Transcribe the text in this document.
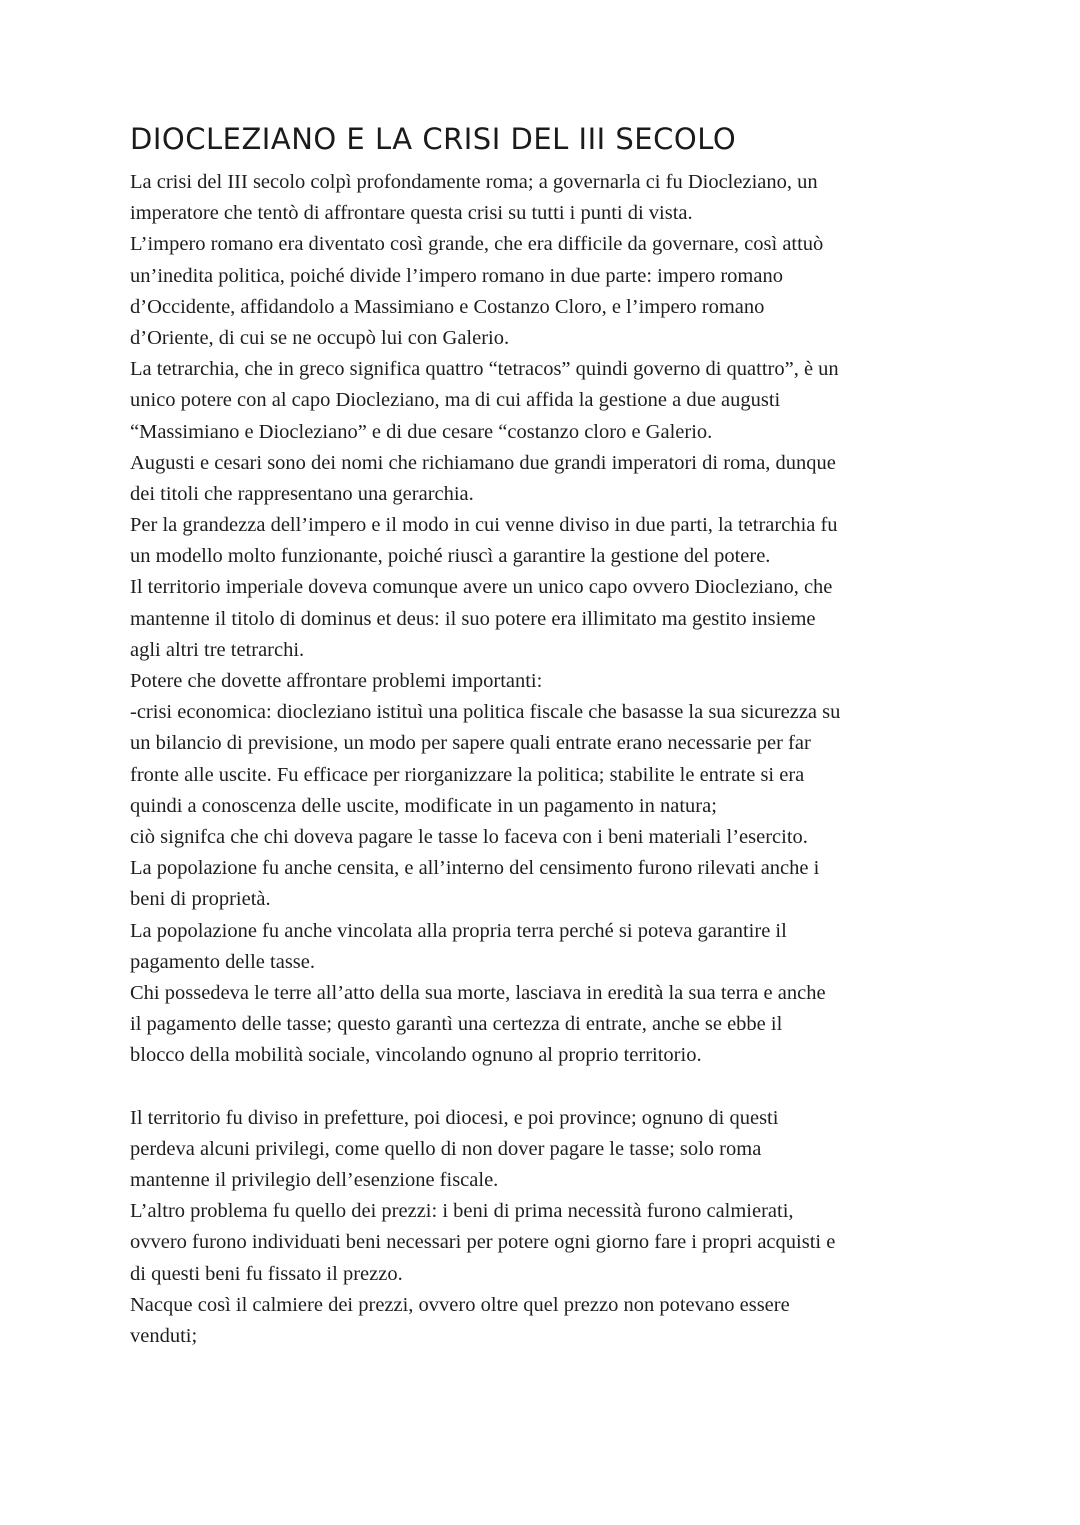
DIOCLEZIANO E LA CRISI DEL III SECOLO
La crisi del III secolo colpì profondamente roma; a governarla ci fu Diocleziano, un
imperatore che tentò di affrontare questa crisi su tutti i punti di vista.
L’impero romano era diventato così grande, che era difficile da governare, così attuò
un’inedita politica, poiché divide l’impero romano in due parte: impero romano
d’Occidente, affidandolo a Massimiano e Costanzo Cloro, e l’impero romano
d’Oriente, di cui se ne occupò lui con Galerio.
La tetrarchia, che in greco significa quattro “tetracos” quindi governo di quattro”, è un
unico potere con al capo Diocleziano, ma di cui affida la gestione a due augusti
“Massimiano e Diocleziano” e di due cesare “costanzo cloro e Galerio.
Augusti e cesari sono dei nomi che richiamano due grandi imperatori di roma, dunque
dei titoli che rappresentano una gerarchia.
Per la grandezza dell’impero e il modo in cui venne diviso in due parti, la tetrarchia fu
un modello molto funzionante, poiché riuscì a garantire la gestione del potere.
Il territorio imperiale doveva comunque avere un unico capo ovvero Diocleziano, che
mantenne il titolo di dominus et deus: il suo potere era illimitato ma gestito insieme
agli altri tre tetrarchi.
Potere che dovette affrontare problemi importanti:
-crisi economica: diocleziano istituì una politica fiscale che basasse la sua sicurezza su
un bilancio di previsione, un modo per sapere quali entrate erano necessarie per far
fronte alle uscite. Fu efficace per riorganizzare la politica; stabilite le entrate si era
quindi a conoscenza delle uscite, modificate in un pagamento in natura;
ciò signifca che chi doveva pagare le tasse lo faceva con i beni materiali l’esercito.
La popolazione fu anche censita, e all’interno del censimento furono rilevati anche i
beni di proprietà.
La popolazione fu anche vincolata alla propria terra perché si poteva garantire il
pagamento delle tasse.
Chi possedeva le terre all’atto della sua morte, lasciava in eredità la sua terra e anche
il pagamento delle tasse; questo garantì una certezza di entrate, anche se ebbe il
blocco della mobilità sociale, vincolando ognuno al proprio territorio.
Il territorio fu diviso in prefetture, poi diocesi, e poi province; ognuno di questi
perdeva alcuni privilegi, come quello di non dover pagare le tasse; solo roma
mantenne il privilegio dell’esenzione fiscale.
L’altro problema fu quello dei prezzi: i beni di prima necessità furono calmierati,
ovvero furono individuati beni necessari per potere ogni giorno fare i propri acquisti e
di questi beni fu fissato il prezzo.
Nacque così il calmiere dei prezzi, ovvero oltre quel prezzo non potevano essere
venduti;
